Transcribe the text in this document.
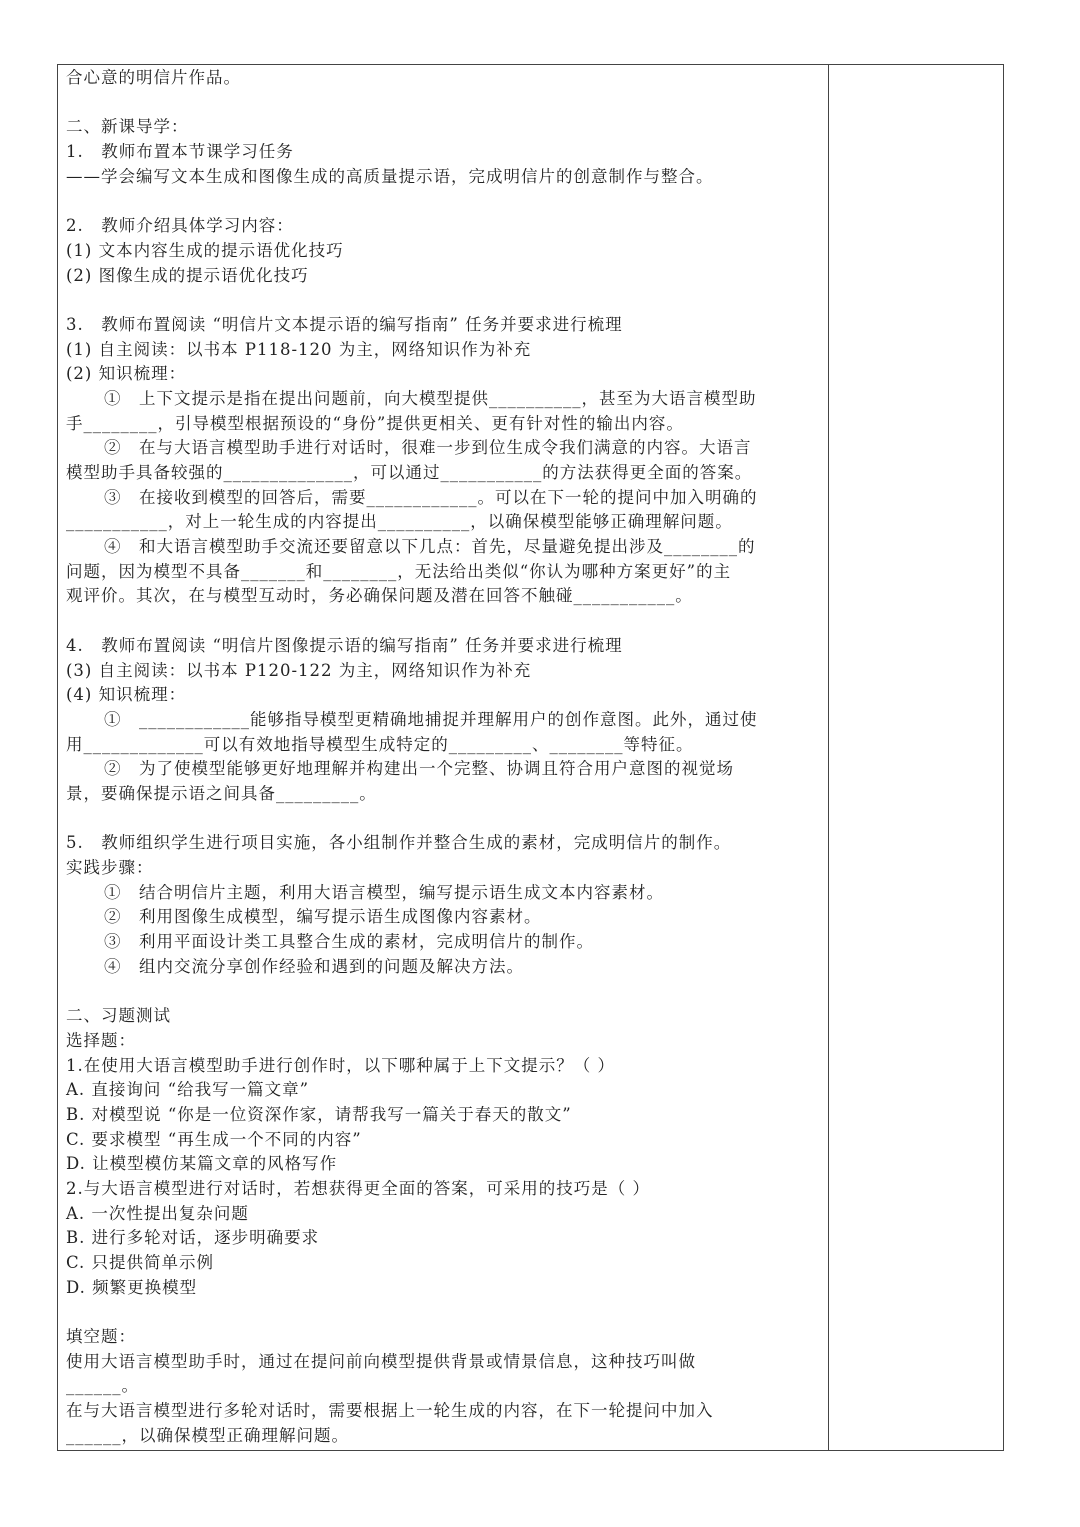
合心意的明信片作品。
二、新课导学：
1.　教师布置本节课学习任务
——学会编写文本生成和图像生成的高质量提示语，完成明信片的创意制作与整合。
2.　教师介绍具体学习内容：
(1) 文本内容生成的提示语优化技巧
(2) 图像生成的提示语优化技巧
3.　教师布置阅读 “明信片文本提示语的编写指南” 任务并要求进行梳理
(1) 自主阅读：以书本 P118-120 为主，网络知识作为补充
(2) 知识梳理：
①　上下文提示是指在提出问题前，向大模型提供__________，甚至为大语言模型助
手________，引导模型根据预设的“身份”提供更相关、更有针对性的输出内容。
②　在与大语言模型助手进行对话时，很难一步到位生成令我们满意的内容。大语言
模型助手具备较强的______________，可以通过___________的方法获得更全面的答案。
③　在接收到模型的回答后，需要____________。可以在下一轮的提问中加入明确的
___________，对上一轮生成的内容提出__________，以确保模型能够正确理解问题。
④　和大语言模型助手交流还要留意以下几点：首先，尽量避免提出涉及________的
问题，因为模型不具备_______和________，无法给出类似“你认为哪种方案更好”的主
观评价。其次，在与模型互动时，务必确保问题及潜在回答不触碰___________。
4.　教师布置阅读 “明信片图像提示语的编写指南” 任务并要求进行梳理
(3) 自主阅读：以书本 P120-122 为主，网络知识作为补充
(4) 知识梳理：
①　____________能够指导模型更精确地捕捉并理解用户的创作意图。此外，通过使
用_____________可以有效地指导模型生成特定的_________、________等特征。
②　为了使模型能够更好地理解并构建出一个完整、协调且符合用户意图的视觉场
景，要确保提示语之间具备_________。
5.　教师组织学生进行项目实施，各小组制作并整合生成的素材，完成明信片的制作。
实践步骤：
①　结合明信片主题，利用大语言模型，编写提示语生成文本内容素材。
②　利用图像生成模型，编写提示语生成图像内容素材。
③　利用平面设计类工具整合生成的素材，完成明信片的制作。
④　组内交流分享创作经验和遇到的问题及解决方法。
二、习题测试
选择题：
1.在使用大语言模型助手进行创作时，以下哪种属于上下文提示？（ ）
A. 直接询问 “给我写一篇文章”
B. 对模型说 “你是一位资深作家，请帮我写一篇关于春天的散文”
C. 要求模型 “再生成一个不同的内容”
D. 让模型模仿某篇文章的风格写作
2.与大语言模型进行对话时，若想获得更全面的答案，可采用的技巧是（ ）
A. 一次性提出复杂问题
B. 进行多轮对话，逐步明确要求
C. 只提供简单示例
D. 频繁更换模型
填空题：
使用大语言模型助手时，通过在提问前向模型提供背景或情景信息，这种技巧叫做
______。
在与大语言模型进行多轮对话时，需要根据上一轮生成的内容，在下一轮提问中加入
______，以确保模型正确理解问题。
